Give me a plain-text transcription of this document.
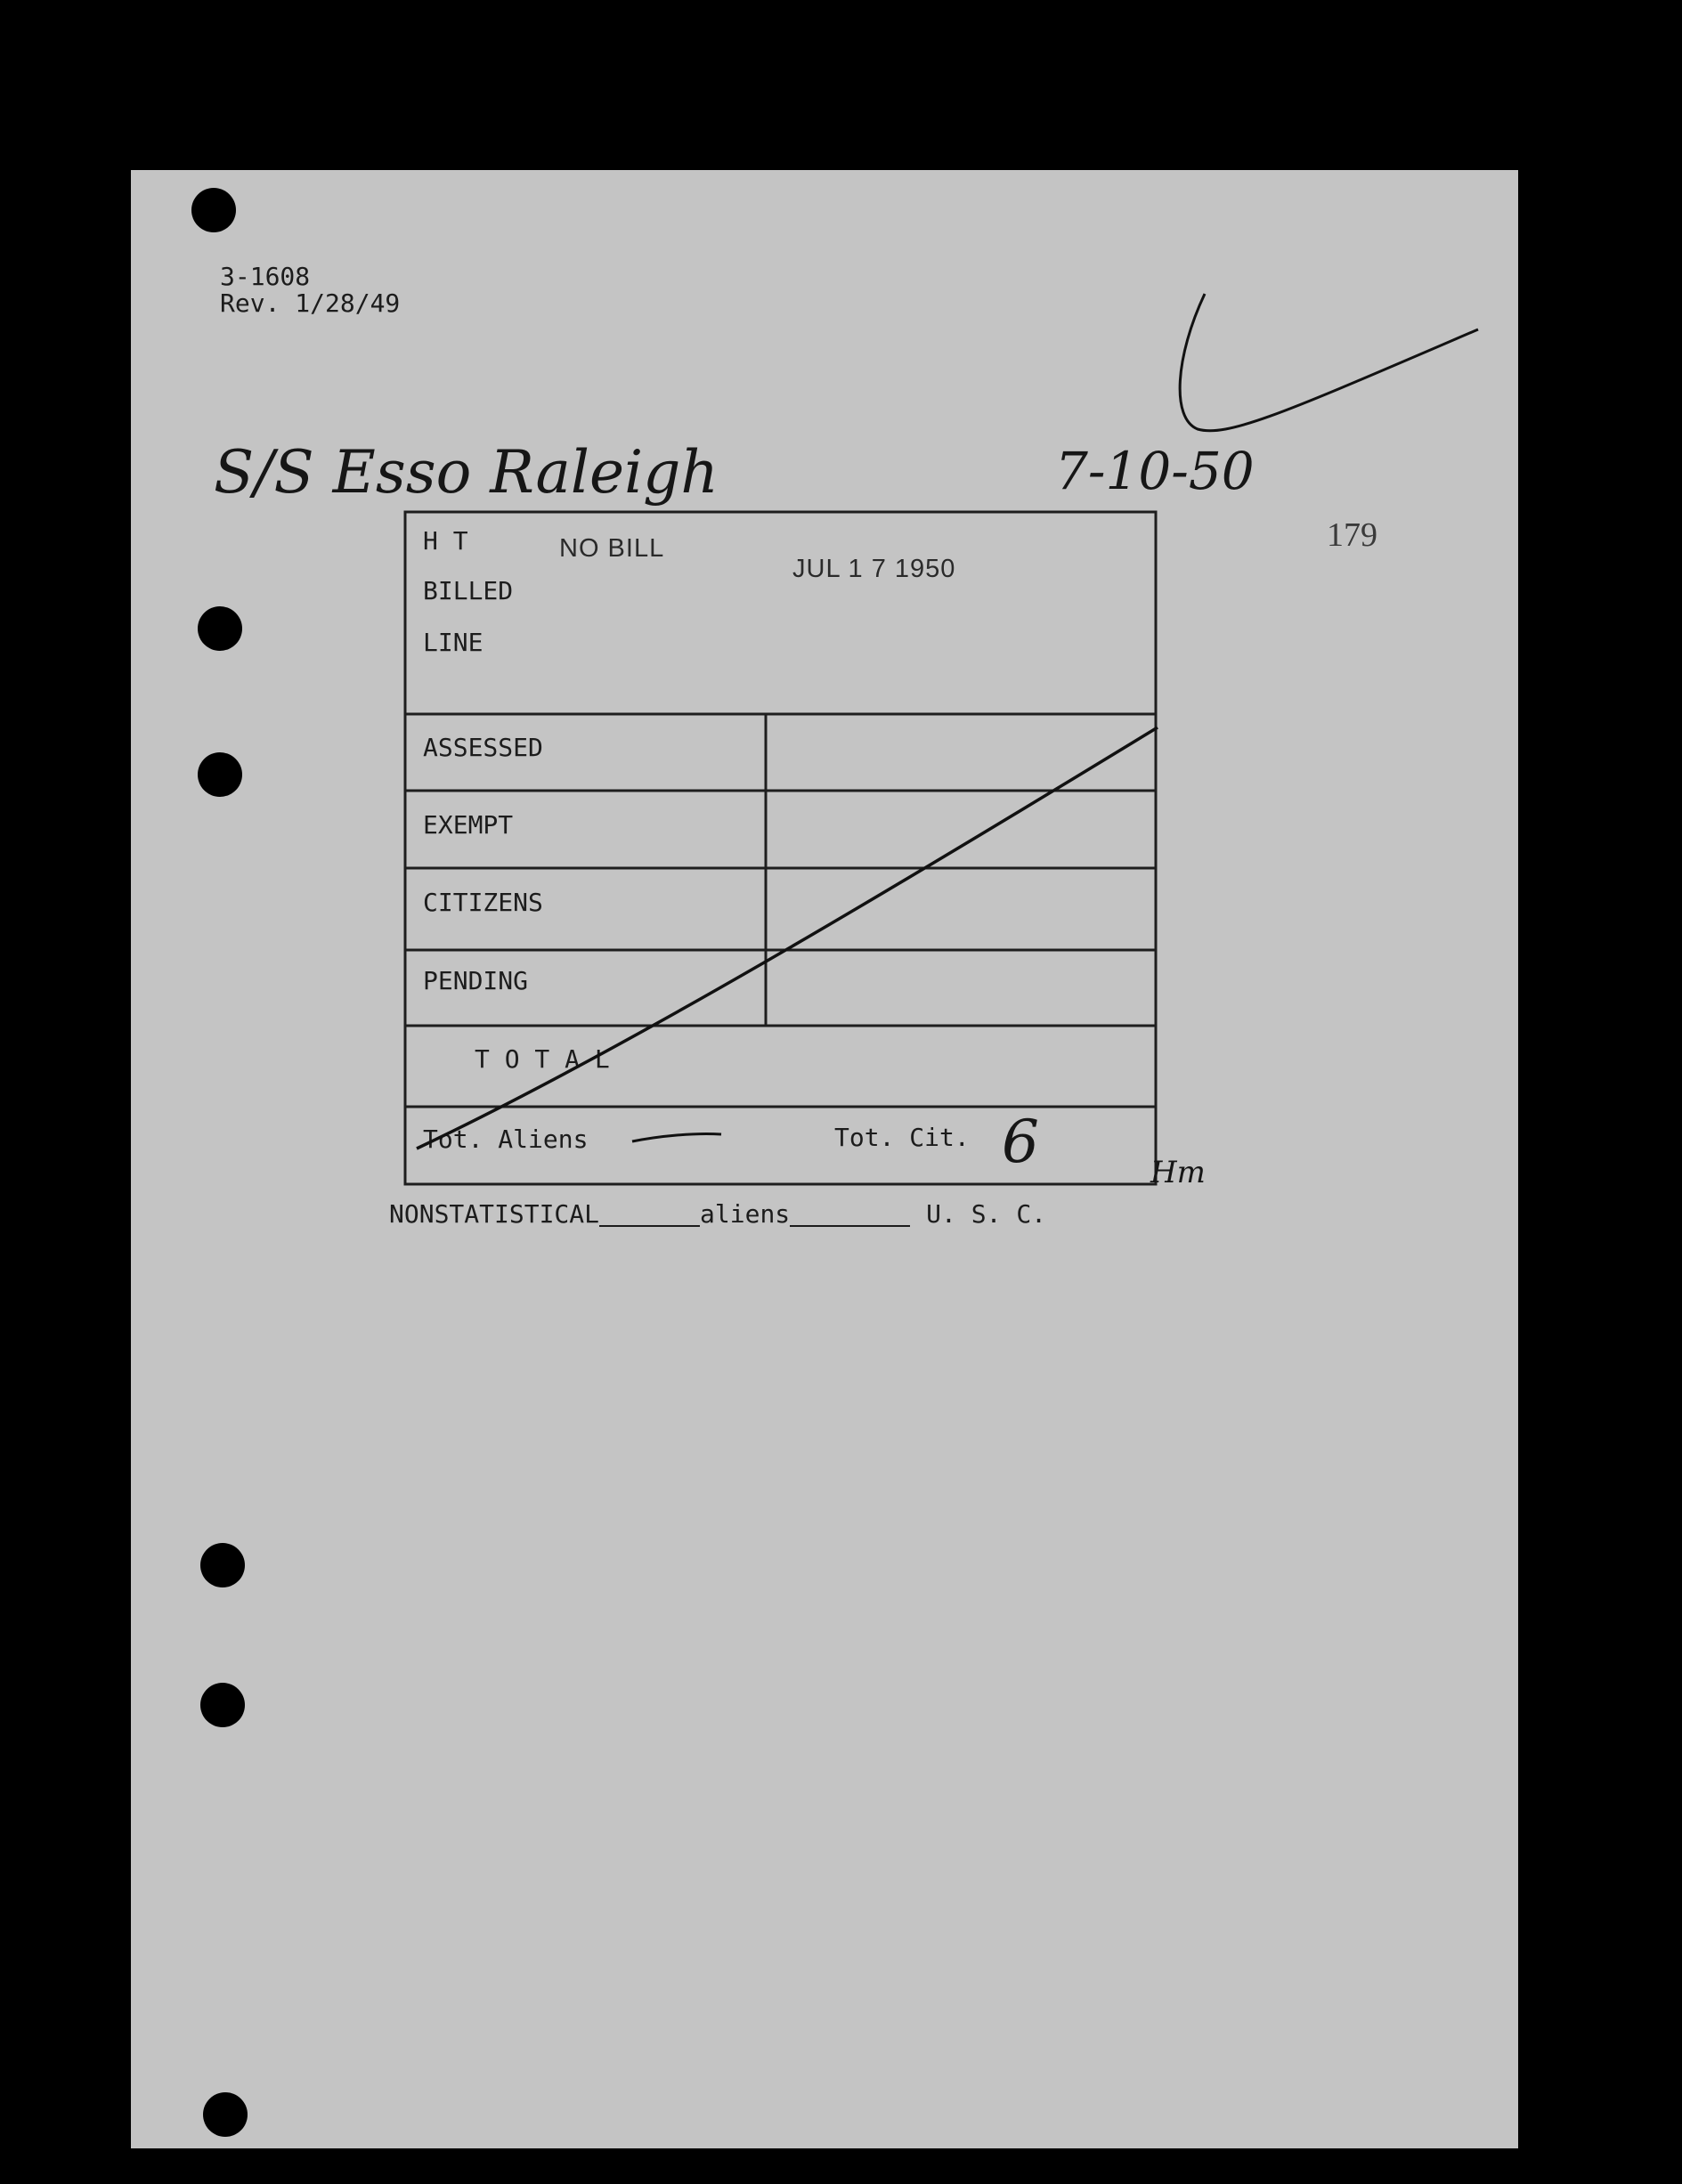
3-1608
Rev. 1/28/49
S/S Esso Raleigh	7-10-50
NO BILL
JUL 1 7 1950
179
H T
BILLED
LINE
ASSESSED
EXEMPT
CITIZENS
PENDING
T O T A L
Tot. Aliens	Tot. Cit. 6	Hm
NONSTATISTICAL	aliens	U. S. C.
